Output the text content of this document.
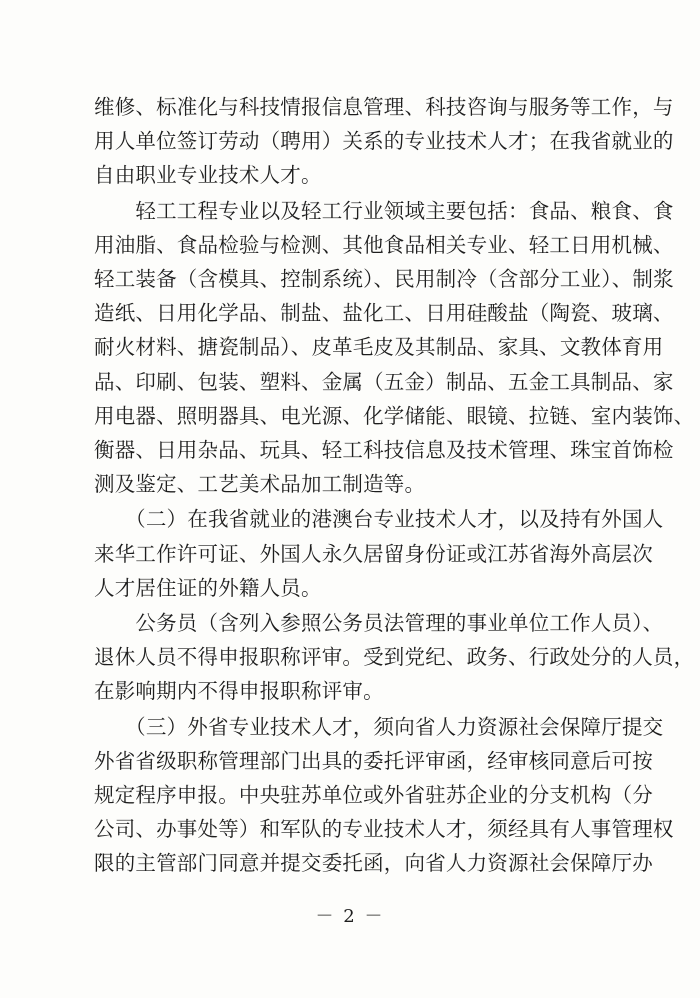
维修、标准化与科技情报信息管理、科技咨询与服务等工作，与
用人单位签订劳动（聘用）关系的专业技术人才；在我省就业的
自由职业专业技术人才。

　　轻工工程专业以及轻工行业领域主要包括：食品、粮食、食
用油脂、食品检验与检测、其他食品相关专业、轻工日用机械、
轻工装备（含模具、控制系统）、民用制冷（含部分工业）、制浆
造纸、日用化学品、制盐、盐化工、日用硅酸盐（陶瓷、玻璃、
耐火材料、搪瓷制品）、皮革毛皮及其制品、家具、文教体育用
品、印刷、包装、塑料、金属（五金）制品、五金工具制品、家
用电器、照明器具、电光源、化学储能、眼镜、拉链、室内装饰、
衡器、日用杂品、玩具、轻工科技信息及技术管理、珠宝首饰检
测及鉴定、工艺美术品加工制造等。

　　（二）在我省就业的港澳台专业技术人才，以及持有外国人
来华工作许可证、外国人永久居留身份证或江苏省海外高层次
人才居住证的外籍人员。

　　公务员（含列入参照公务员法管理的事业单位工作人员）、
退休人员不得申报职称评审。受到党纪、政务、行政处分的人员，
在影响期内不得申报职称评审。

　　（三）外省专业技术人才，须向省人力资源社会保障厅提交
外省省级职称管理部门出具的委托评审函，经审核同意后可按
规定程序申报。中央驻苏单位或外省驻苏企业的分支机构（分
公司、办事处等）和军队的专业技术人才，须经具有人事管理权
限的主管部门同意并提交委托函，向省人力资源社会保障厅办

－ 2 －
